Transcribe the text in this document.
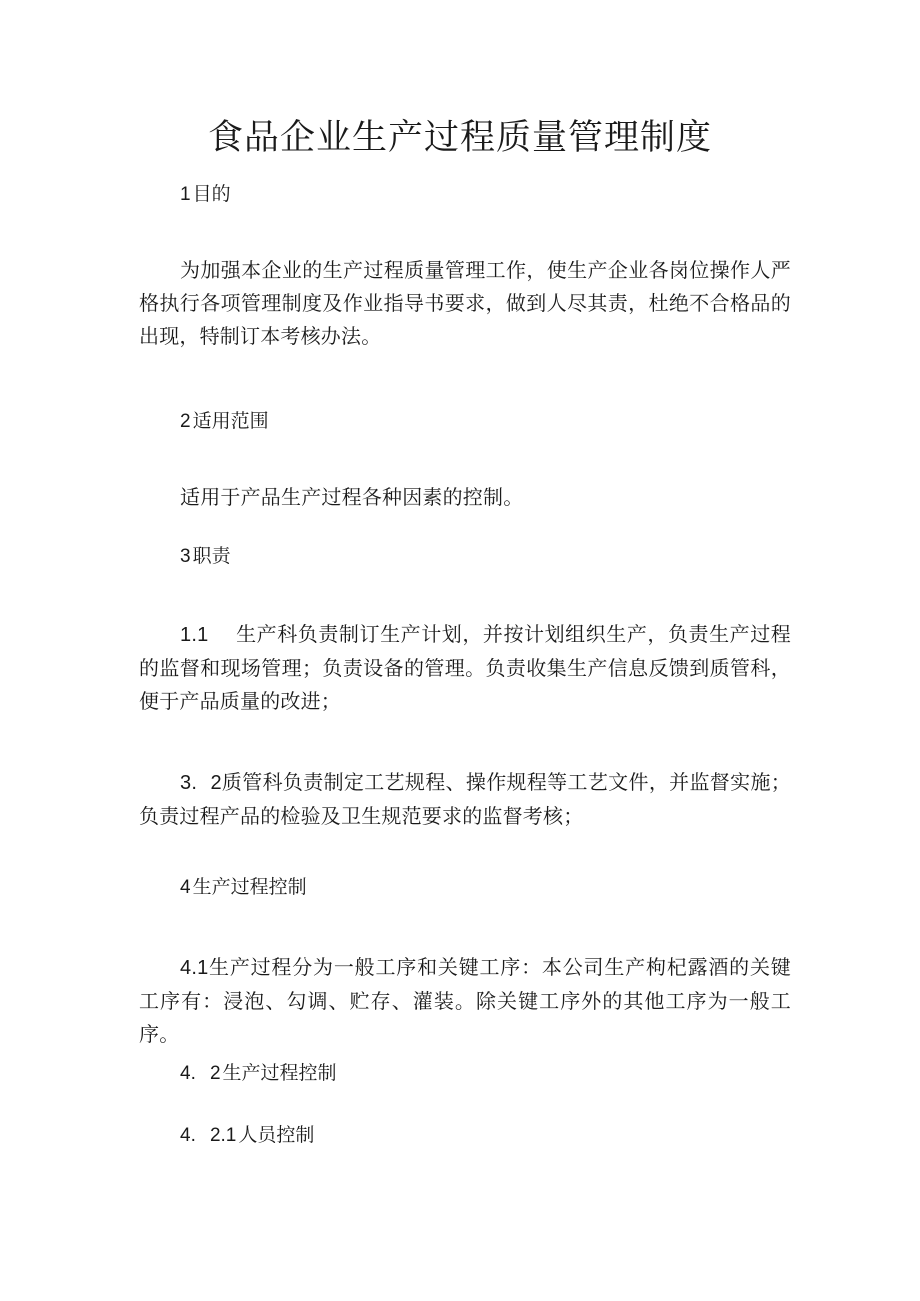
食品企业生产过程质量管理制度
1 目的
为加强本企业的生产过程质量管理工作，使生产企业各岗位操作人严格执行各项管理制度及作业指导书要求，做到人尽其责，杜绝不合格品的出现，特制订本考核办法。
2 适用范围
适用于产品生产过程各种因素的控制。
3 职责
1.1 生产科负责制订生产计划，并按计划组织生产，负责生产过程的监督和现场管理；负责设备的管理。负责收集生产信息反馈到质管科，便于产品质量的改进；
3. 2质管科负责制定工艺规程、操作规程等工艺文件，并监督实施；负责过程产品的检验及卫生规范要求的监督考核；
4 生产过程控制
4.1生产过程分为一般工序和关键工序：本公司生产枸杞露酒的关键工序有：浸泡、勾调、贮存、灌装。除关键工序外的其他工序为一般工序。
4. 2 生产过程控制
4. 2.1 人员控制
